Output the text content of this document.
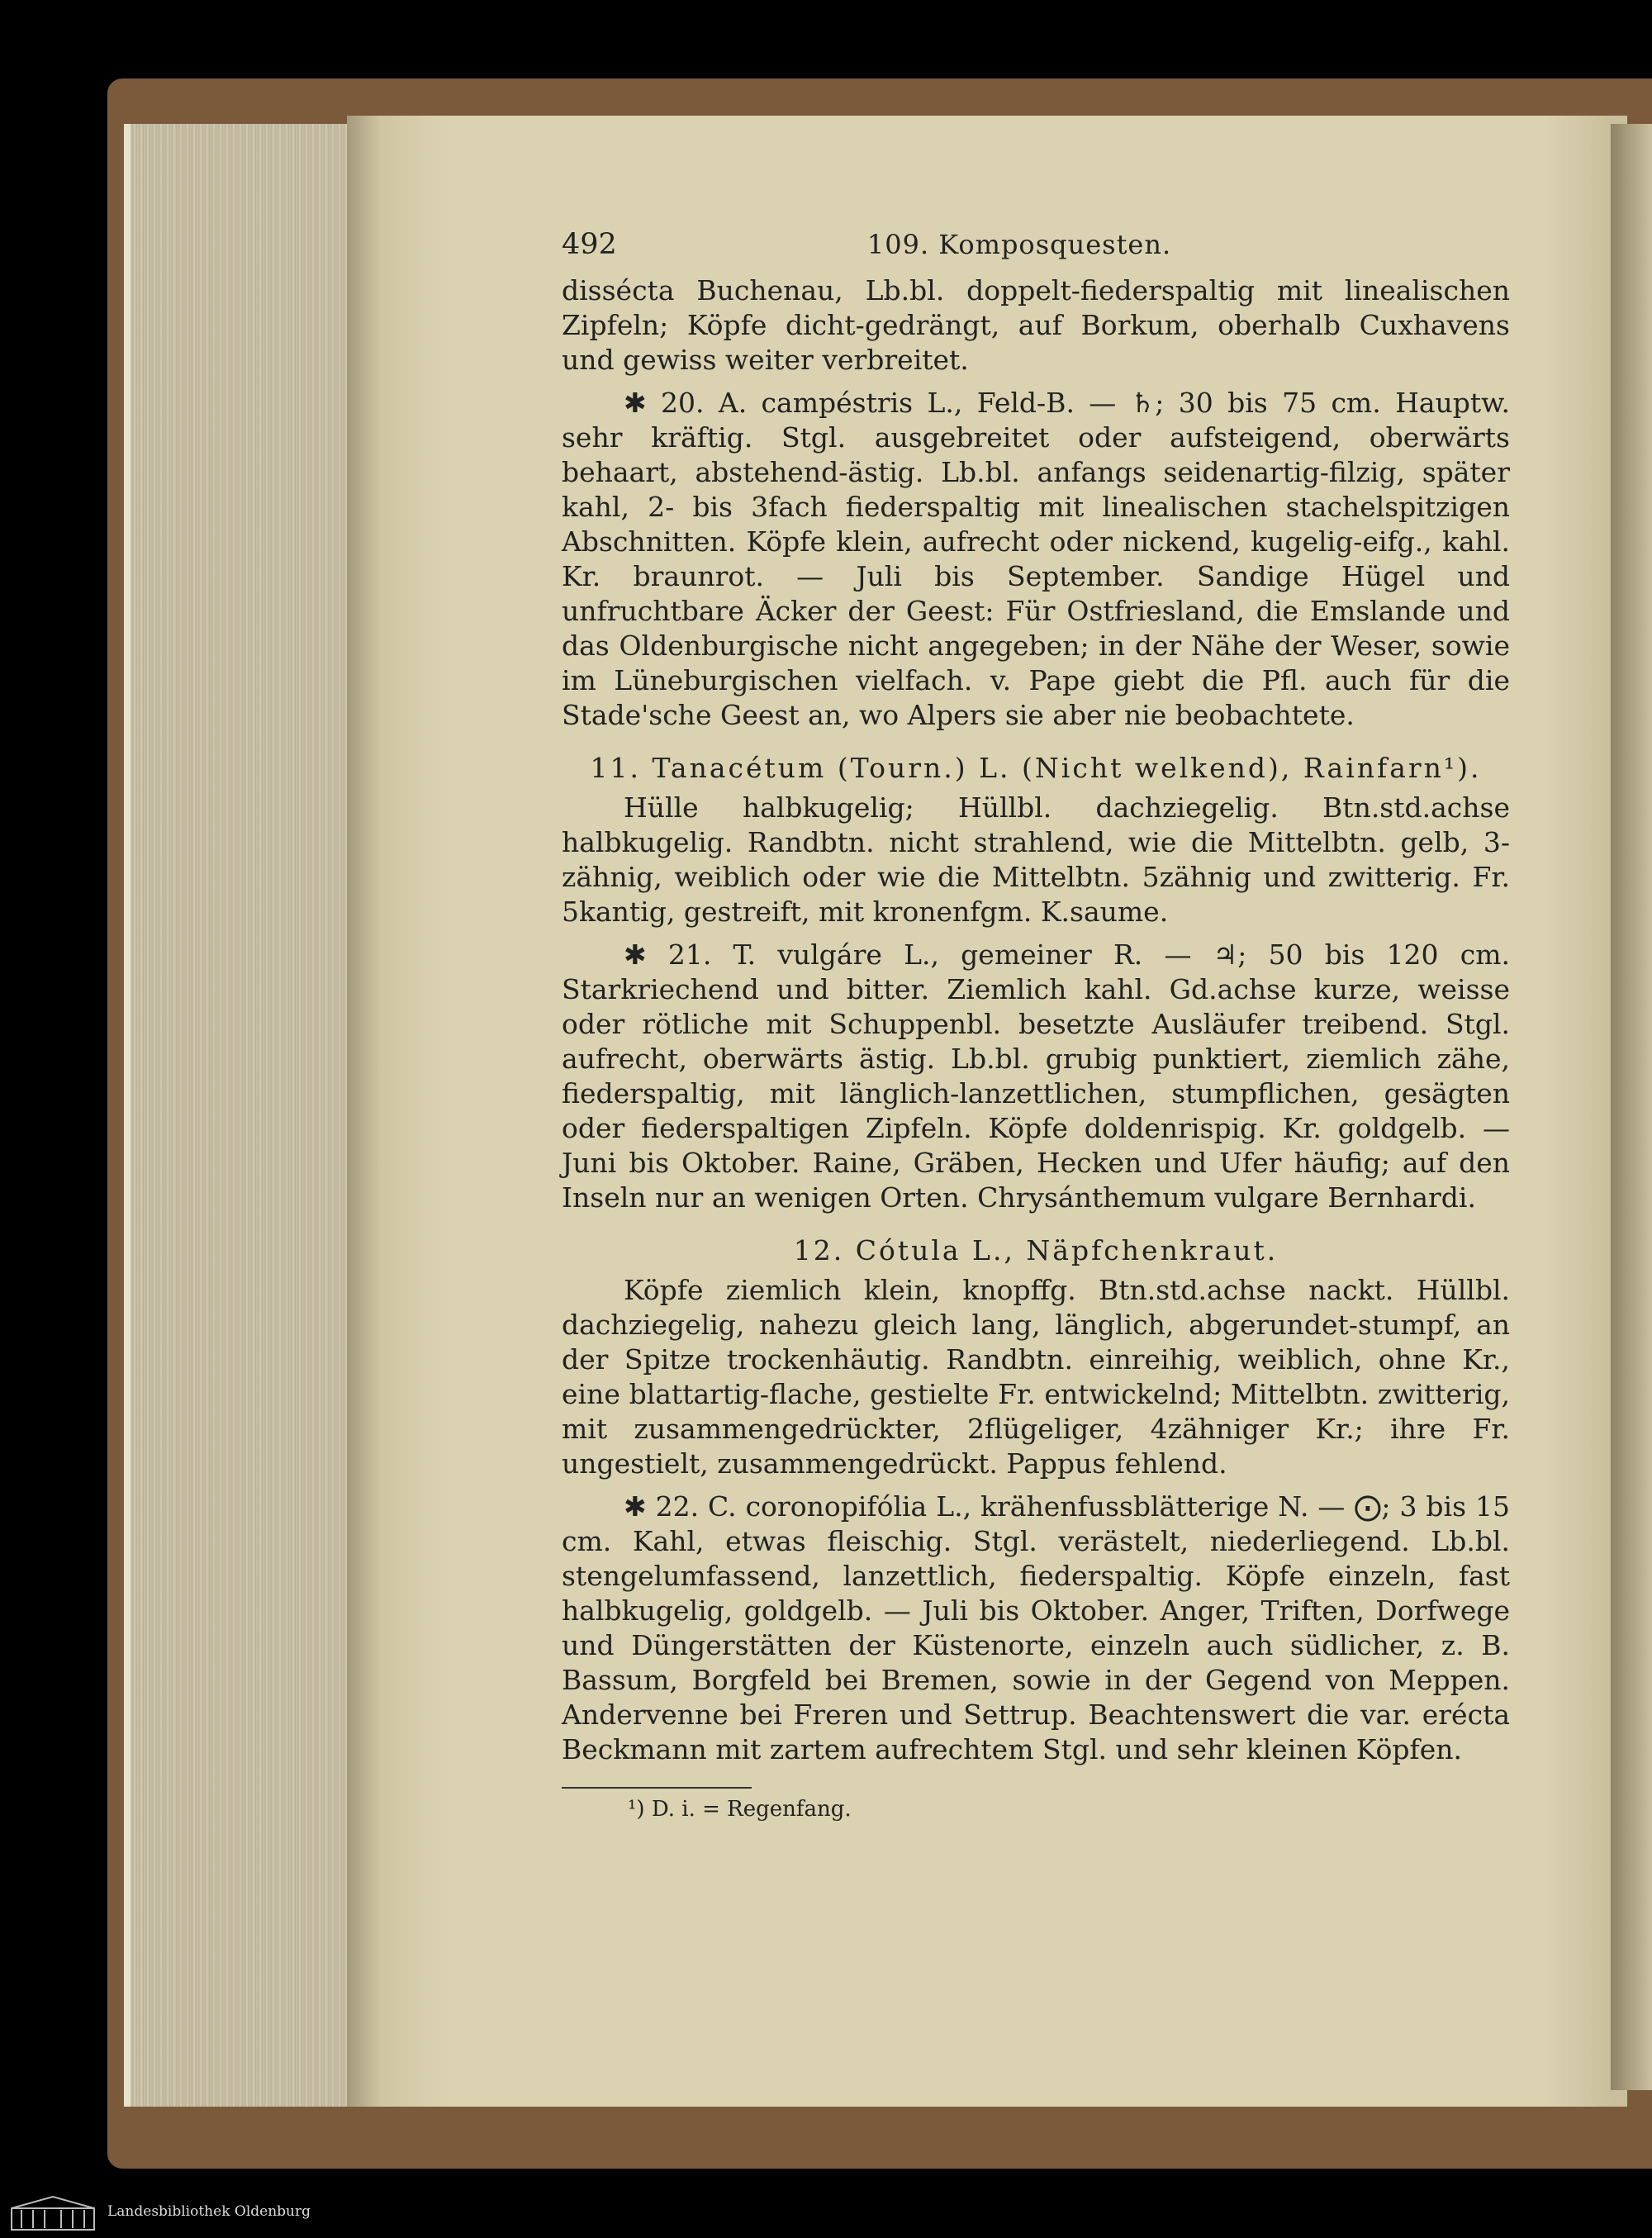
492	109. Komposquesten.

dissécta Buchenau, Lb.bl. doppelt-fiederspaltig mit linealischen Zipfeln; Köpfe dicht-gedrängt, auf Borkum, oberhalb Cuxhavens und gewiss weiter verbreitet.

✱ 20. A. campéstris L., Feld-B. — ♄; 30 bis 75 cm. Hauptw. sehr kräftig. Stgl. ausgebreitet oder aufsteigend, oberwärts behaart, abstehend-ästig. Lb.bl. anfangs seidenartig-filzig, später kahl, 2- bis 3fach fiederspaltig mit linealischen stachelspitzigen Abschnitten. Köpfe klein, aufrecht oder nickend, kugelig-eifg., kahl. Kr. braunrot. — Juli bis September. Sandige Hügel und unfruchtbare Äcker der Geest: Für Ostfriesland, die Emslande und das Oldenburgische nicht angegeben; in der Nähe der Weser, sowie im Lüneburgischen vielfach. v. Pape giebt die Pfl. auch für die Stade'sche Geest an, wo Alpers sie aber nie beobachtete.

11. Tanacétum (Tourn.) L. (Nicht welkend), Rainfarn¹).

Hülle halbkugelig; Hüllbl. dachziegelig. Btn.std.achse halbkugelig. Randbtn. nicht strahlend, wie die Mittelbtn. gelb, 3-zähnig, weiblich oder wie die Mittelbtn. 5zähnig und zwitterig. Fr. 5kantig, gestreift, mit kronenfgm. K.saume.

✱ 21. T. vulgáre L., gemeiner R. — ♃; 50 bis 120 cm. Starkriechend und bitter. Ziemlich kahl. Gd.achse kurze, weisse oder rötliche mit Schuppenbl. besetzte Ausläufer treibend. Stgl. aufrecht, oberwärts ästig. Lb.bl. grubig punktiert, ziemlich zähe, fiederspaltig, mit länglich-lanzettlichen, stumpflichen, gesägten oder fiederspaltigen Zipfeln. Köpfe doldenrispig. Kr. goldgelb. — Juni bis Oktober. Raine, Gräben, Hecken und Ufer häufig; auf den Inseln nur an wenigen Orten. Chrysánthemum vulgare Bernhardi.

12. Cótula L., Näpfchenkraut.

Köpfe ziemlich klein, knopffg. Btn.std.achse nackt. Hüllbl. dachziegelig, nahezu gleich lang, länglich, abgerundet-stumpf, an der Spitze trockenhäutig. Randbtn. einreihig, weiblich, ohne Kr., eine blattartig-flache, gestielte Fr. entwickelnd; Mittelbtn. zwitterig, mit zusammengedrückter, 2flügeliger, 4zähniger Kr.; ihre Fr. ungestielt, zusammengedrückt. Pappus fehlend.

✱ 22. C. coronopifólia L., krähenfussblätterige N. — ⨀; 3 bis 15 cm. Kahl, etwas fleischig. Stgl. verästelt, niederliegend. Lb.bl. stengelumfassend, lanzettlich, fiederspaltig. Köpfe einzeln, fast halbkugelig, goldgelb. — Juli bis Oktober. Anger, Triften, Dorfwege und Düngerstätten der Küstenorte, einzeln auch südlicher, z. B. Bassum, Borgfeld bei Bremen, sowie in der Gegend von Meppen. Andervenne bei Freren und Settrup. Beachtenswert die var. erécta Beckmann mit zartem aufrechtem Stgl. und sehr kleinen Köpfen.

¹) D. i. = Regenfang.

Landesbibliothek Oldenburg
